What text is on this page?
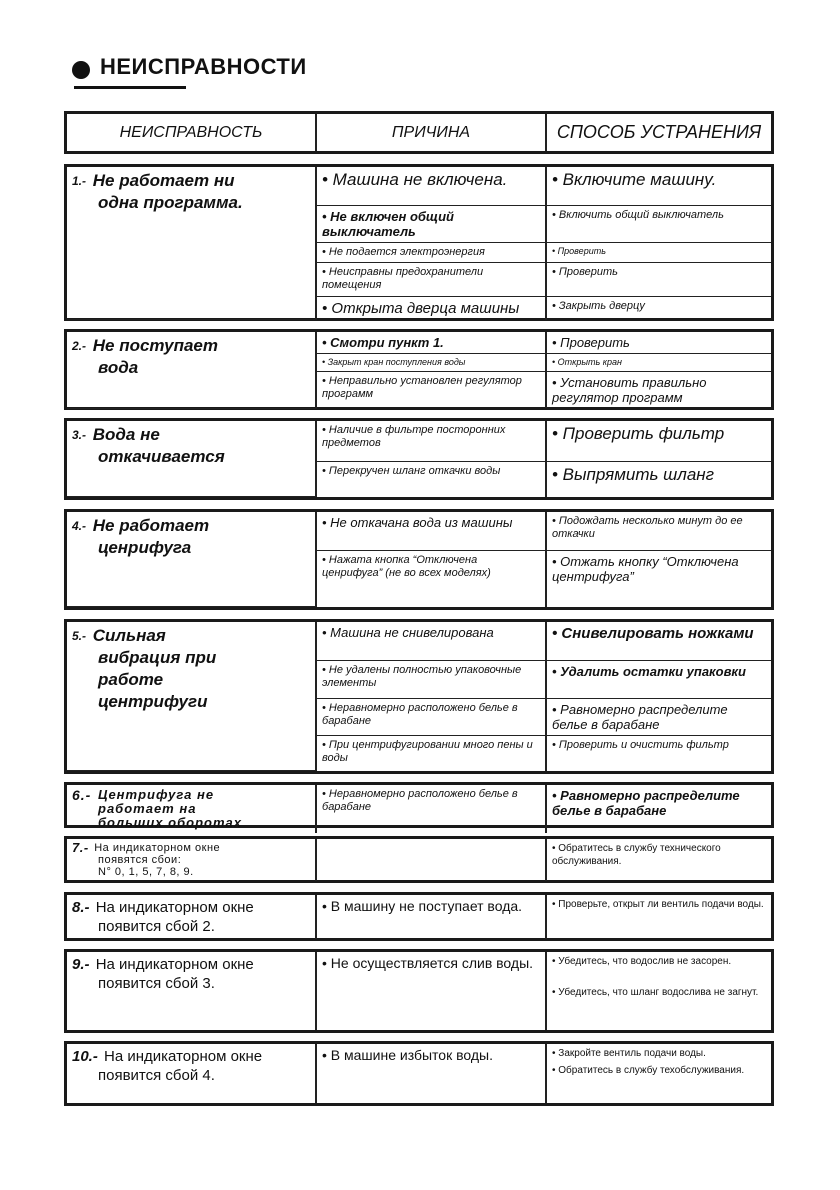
НЕИСПРАВНОСТИ
НЕИСПРАВНОСТЬ	ПРИЧИНА	СПОСОБ УСТРАНЕНИЯ
$^{1.-}$ Не работает ни
одна программа.	• Машина не включена.	• Включите машину.
	• Не включен общий выключатель	• Включить общий выключатель
	• Не подается электроэнергия	• Проверить
	• Неисправны предохранители помещения	• Проверить
	• Открыта дверца машины	• Закрыть дверцу
$^{2.-}$ Не поступает
вода	• Смотри пункт 1.	• Проверить
	• Закрыт кран поступления воды	• Открыть кран
	• Неправильно установлен регулятор программ	• Установить правильно регулятор программ
$^{3.-}$ Вода не
откачивается	• Наличие в фильтре посторонних предметов	• Проверить фильтр
	• Перекручен шланг откачки воды	• Выпрямить шланг
$^{4.-}$ Не работает
ценрифуга	• Не откачана вода из машины	• Подождать несколько минут до ее откачки
	• Нажата кнопка “Отключена ценрифуга” (не во всех моделях)	• Отжать кнопку “Отключена центрифуга”
$^{5.-}$ Сильная
вибрация при
работе
центрифуги	• Машина не снивелирована	• Снивелировать ножками
	• Не удалены полностью упаковочные элементы	• Удалить остатки упаковки
	• Неравномерно расположено белье в барабане	• Равномерно распределите белье в барабане
	• При центрифугировании много пены и воды	• Проверить и очистить фильтр
6.- Центрифуга не
работает на
больших оборотах
	• Неравномерно расположено белье в барабане	• Равномерно распределите белье в барабане
7.- На индикаторном окне
появятся сбои:
N° 0, 1, 5, 7, 8, 9.
		• Обратитесь в службу технического обслуживания.
8.- На индикаторном окне
появится сбой 2.
	• В машину не поступает вода.	• Проверьте, открыт ли вентиль подачи воды.
9.- На индикаторном окне
появится сбой 3.
	• Не осуществляется слив воды.	• Убедитесь, что водослив не засорен.
• Убедитесь, что шланг водослива не загнут.
10.- На индикаторном окне
появится сбой 4.
	• В машине избыток воды.	• Закройте вентиль подачи воды.
• Обратитесь в службу техобслуживания.
